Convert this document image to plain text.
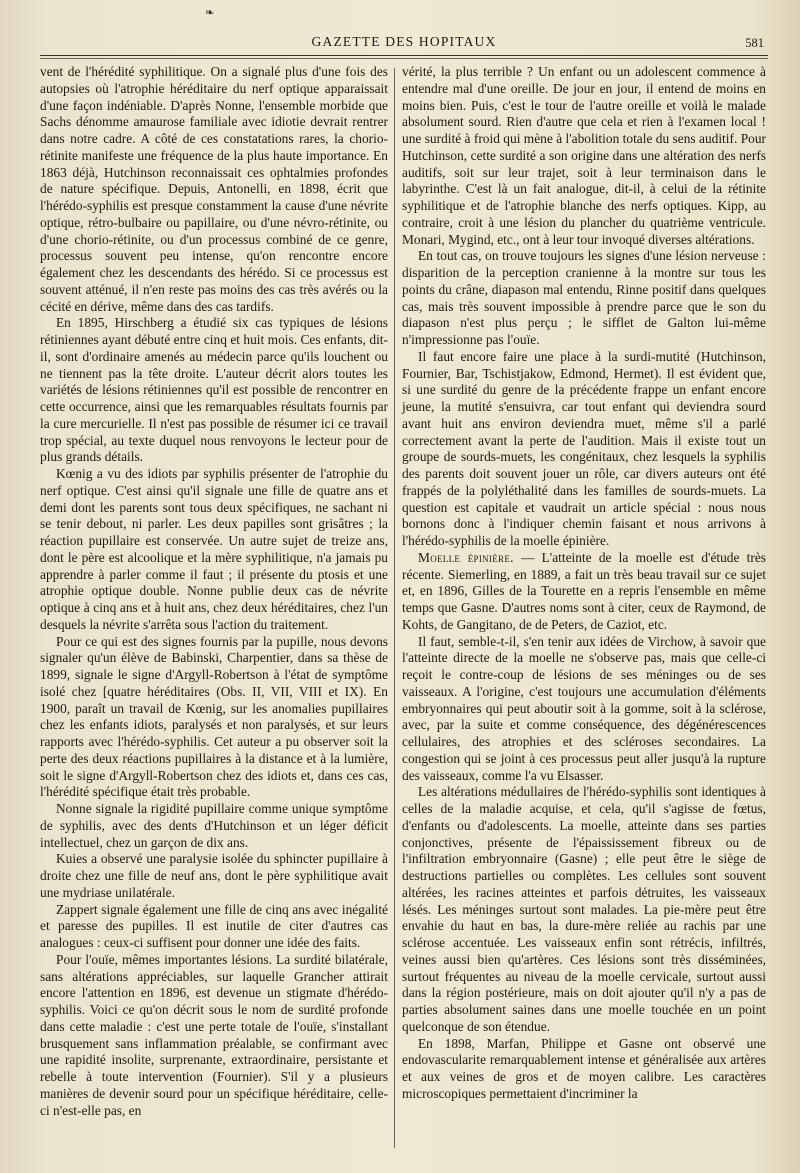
❧
GAZETTE DES HOPITAUX	581

vent de l'hérédité syphilitique. On a signalé plus d'une fois des autopsies où l'atrophie héréditaire du nerf optique apparaissait d'une façon indéniable. D'après Nonne, l'ensemble morbide que Sachs dénomme amaurose familiale avec idiotie devrait rentrer dans notre cadre. A côté de ces constatations rares, la chorio-rétinite manifeste une fréquence de la plus haute importance. En 1863 déjà, Hutchinson reconnaissait ces ophtalmies profondes de nature spécifique. Depuis, Antonelli, en 1898, écrit que l'hérédo-syphilis est presque constamment la cause d'une névrite optique, rétro-bulbaire ou papillaire, ou d'une névro-rétinite, ou d'une chorio-rétinite, ou d'un processus combiné de ce genre, processus souvent peu intense, qu'on rencontre encore également chez les descendants des hérédo. Si ce processus est souvent atténué, il n'en reste pas moins des cas très avérés ou la cécité en dérive, même dans des cas tardifs.

En 1895, Hirschberg a étudié six cas typiques de lésions rétiniennes ayant débuté entre cinq et huit mois. Ces enfants, dit-il, sont d'ordinaire amenés au médecin parce qu'ils louchent ou ne tiennent pas la tête droite. L'auteur décrit alors toutes les variétés de lésions rétiniennes qu'il est possible de rencontrer en cette occurrence, ainsi que les remarquables résultats fournis par la cure mercurielle. Il n'est pas possible de résumer ici ce travail trop spécial, au texte duquel nous renvoyons le lecteur pour de plus grands détails.

Kœnig a vu des idiots par syphilis présenter de l'atrophie du nerf optique. C'est ainsi qu'il signale une fille de quatre ans et demi dont les parents sont tous deux spécifiques, ne sachant ni se tenir debout, ni parler. Les deux papilles sont grisâtres ; la réaction pupillaire est conservée. Un autre sujet de treize ans, dont le père est alcoolique et la mère syphilitique, n'a jamais pu apprendre à parler comme il faut ; il présente du ptosis et une atrophie optique double. Nonne publie deux cas de névrite optique à cinq ans et à huit ans, chez deux héréditaires, chez l'un desquels la névrite s'arrêta sous l'action du traitement.

Pour ce qui est des signes fournis par la pupille, nous devons signaler qu'un élève de Babinski, Charpentier, dans sa thèse de 1899, signale le signe d'Argyll-Robertson à l'état de symptôme isolé chez [quatre héréditaires (Obs. II, VII, VIII et IX). En 1900, paraît un travail de Kœnig, sur les anomalies pupillaires chez les enfants idiots, paralysés et non paralysés, et sur leurs rapports avec l'hérédo-syphilis. Cet auteur a pu observer soit la perte des deux réactions pupillaires à la distance et à la lumière, soit le signe d'Argyll-Robertson chez des idiots et, dans ces cas, l'hérédité spécifique était très probable.

Nonne signale la rigidité pupillaire comme unique symptôme de syphilis, avec des dents d'Hutchinson et un léger déficit intellectuel, chez un garçon de dix ans.

Kuies a observé une paralysie isolée du sphincter pupillaire à droite chez une fille de neuf ans, dont le père syphilitique avait une mydriase unilatérale.

Zappert signale également une fille de cinq ans avec inégalité et paresse des pupilles. Il est inutile de citer d'autres cas analogues : ceux-ci suffisent pour donner une idée des faits.

Pour l'ouïe, mêmes importantes lésions. La surdité bilatérale, sans altérations appréciables, sur laquelle Grancher attirait encore l'attention en 1896, est devenue un stigmate d'hérédo-syphilis. Voici ce qu'on décrit sous le nom de surdité profonde dans cette maladie : c'est une perte totale de l'ouïe, s'installant brusquement sans inflammation préalable, se confirmant avec une rapidité insolite, surprenante, extraordinaire, persistante et rebelle à toute intervention (Fournier). S'il y a plusieurs manières de devenir sourd pour un spécifique héréditaire, celle-ci n'est-elle pas, en

vérité, la plus terrible ? Un enfant ou un adolescent commence à entendre mal d'une oreille. De jour en jour, il entend de moins en moins bien. Puis, c'est le tour de l'autre oreille et voilà le malade absolument sourd. Rien d'autre que cela et rien à l'examen local ! une surdité à froid qui mène à l'abolition totale du sens auditif. Pour Hutchinson, cette surdité a son origine dans une altération des nerfs auditifs, soit sur leur trajet, soit à leur terminaison dans le labyrinthe. C'est là un fait analogue, dit-il, à celui de la rétinite syphilitique et de l'atrophie blanche des nerfs optiques. Kipp, au contraire, croit à une lésion du plancher du quatrième ventricule. Monari, Mygind, etc., ont à leur tour invoqué diverses altérations.

En tout cas, on trouve toujours les signes d'une lésion nerveuse : disparition de la perception cranienne à la montre sur tous les points du crâne, diapason mal entendu, Rinne positif dans quelques cas, mais très souvent impossible à prendre parce que le son du diapason n'est plus perçu ; le sifflet de Galton lui-même n'impressionne pas l'ouïe.

Il faut encore faire une place à la surdi-mutité (Hutchinson, Fournier, Bar, Tschistjakow, Edmond, Hermet). Il est évident que, si une surdité du genre de la précédente frappe un enfant encore jeune, la mutité s'ensuivra, car tout enfant qui deviendra sourd avant huit ans environ deviendra muet, même s'il a parlé correctement avant la perte de l'audition. Mais il existe tout un groupe de sourds-muets, les congénitaux, chez lesquels la syphilis des parents doit souvent jouer un rôle, car divers auteurs ont été frappés de la polyléthalité dans les familles de sourds-muets. La question est capitale et vaudrait un article spécial : nous nous bornons donc à l'indiquer chemin faisant et nous arrivons à l'hérédo-syphilis de la moelle épinière.

Moelle épinière. — L'atteinte de la moelle est d'étude très récente. Siemerling, en 1889, a fait un très beau travail sur ce sujet et, en 1896, Gilles de la Tourette en a repris l'ensemble en même temps que Gasne. D'autres noms sont à citer, ceux de Raymond, de Kohts, de Gangitano, de de Peters, de Caziot, etc.

Il faut, semble-t-il, s'en tenir aux idées de Virchow, à savoir que l'atteinte directe de la moelle ne s'observe pas, mais que celle-ci reçoit le contre-coup de lésions de ses méninges ou de ses vaisseaux. A l'origine, c'est toujours une accumulation d'éléments embryonnaires qui peut aboutir soit à la gomme, soit à la sclérose, avec, par la suite et comme conséquence, des dégénérescences cellulaires, des atrophies et des scléroses secondaires. La congestion qui se joint à ces processus peut aller jusqu'à la rupture des vaisseaux, comme l'a vu Elsasser.

Les altérations médullaires de l'hérédo-syphilis sont identiques à celles de la maladie acquise, et cela, qu'il s'agisse de fœtus, d'enfants ou d'adolescents. La moelle, atteinte dans ses parties conjonctives, présente de l'épaississement fibreux ou de l'infiltration embryonnaire (Gasne) ; elle peut être le siège de destructions partielles ou complètes. Les cellules sont souvent altérées, les racines atteintes et parfois détruites, les vaisseaux lésés. Les méninges surtout sont malades. La pie-mère peut être envahie du haut en bas, la dure-mère reliée au rachis par une sclérose accentuée. Les vaisseaux enfin sont rétrécis, infiltrés, veines aussi bien qu'artères. Ces lésions sont très disséminées, surtout fréquentes au niveau de la moelle cervicale, surtout aussi dans la région postérieure, mais on doit ajouter qu'il n'y a pas de parties absolument saines dans une moelle touchée en un point quelconque de son étendue.

En 1898, Marfan, Philippe et Gasne ont observé une endovascularite remarquablement intense et généralisée aux artères et aux veines de gros et de moyen calibre. Les caractères microscopiques permettaient d'incriminer la
